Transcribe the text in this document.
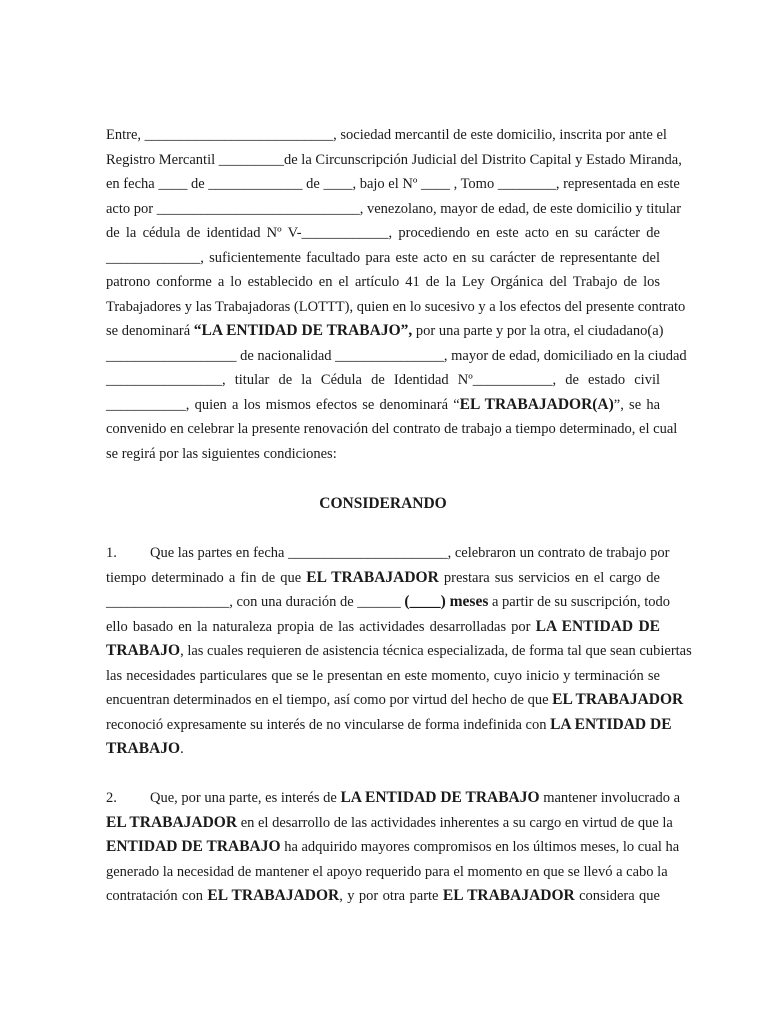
Entre, __________________________, sociedad mercantil de este domicilio, inscrita por ante el
Registro Mercantil _________de la Circunscripción Judicial del Distrito Capital y Estado Miranda,
en fecha ____ de _____________ de ____, bajo el Nº ____ , Tomo ________, representada en este
acto por ____________________________, venezolano, mayor de edad, de este domicilio y titular
de la cédula de identidad Nº V-____________, procediendo en este acto en su carácter de
_____________, suficientemente facultado para este acto en su carácter de representante del
patrono conforme a lo establecido en el artículo 41 de la Ley Orgánica del Trabajo de los
Trabajadores y las Trabajadoras (LOTTT), quien en lo sucesivo y a los efectos del presente contrato
se denominará “LA ENTIDAD DE TRABAJO”, por una parte y por la otra, el ciudadano(a)
__________________ de nacionalidad _______________, mayor de edad, domiciliado en la ciudad
________________, titular de la Cédula de Identidad Nº___________, de estado civil
___________, quien a los mismos efectos se denominará “EL TRABAJADOR(A)”, se ha
convenido en celebrar la presente renovación del contrato de trabajo a tiempo determinado, el cual
se regirá por las siguientes condiciones:
CONSIDERANDO
1. Que las partes en fecha ______________________, celebraron un contrato de trabajo por
tiempo determinado a fin de que EL TRABAJADOR prestara sus servicios en el cargo de
_________________, con una duración de ______ (____) meses a partir de su suscripción, todo
ello basado en la naturaleza propia de las actividades desarrolladas por LA ENTIDAD DE
TRABAJO, las cuales requieren de asistencia técnica especializada, de forma tal que sean cubiertas
las necesidades particulares que se le presentan en este momento, cuyo inicio y terminación se
encuentran determinados en el tiempo, así como por virtud del hecho de que EL TRABAJADOR
reconoció expresamente su interés de no vincularse de forma indefinida con LA ENTIDAD DE
TRABAJO.
2. Que, por una parte, es interés de LA ENTIDAD DE TRABAJO mantener involucrado a
EL TRABAJADOR en el desarrollo de las actividades inherentes a su cargo en virtud de que la
ENTIDAD DE TRABAJO ha adquirido mayores compromisos en los últimos meses, lo cual ha
generado la necesidad de mantener el apoyo requerido para el momento en que se llevó a cabo la
contratación con EL TRABAJADOR, y por otra parte EL TRABAJADOR considera que
